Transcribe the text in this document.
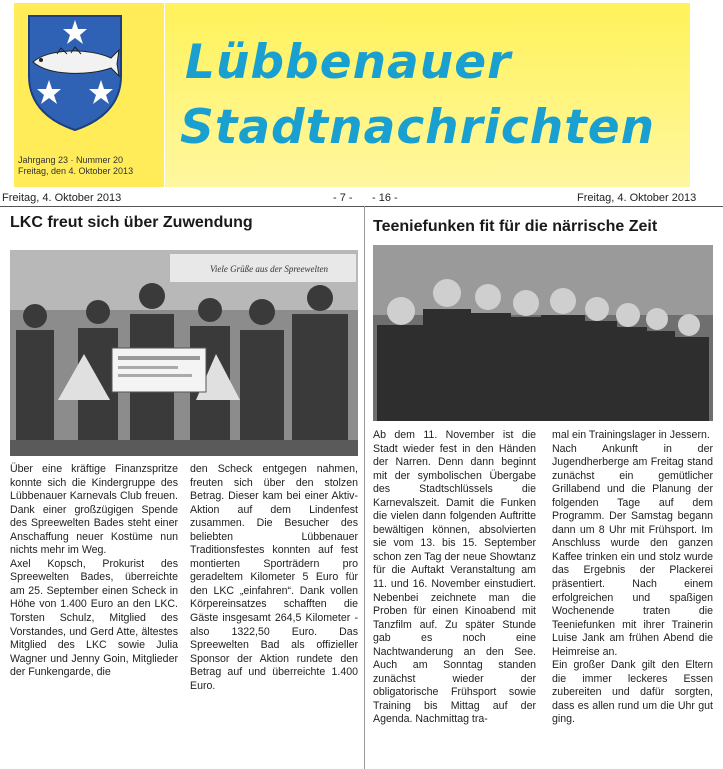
Jahrgang 23 · Nummer 20
Freitag, den 4. Oktober 2013
Lübbenauer
Stadtnachrichten
Freitag, 4. Oktober 2013	- 7 - - 16 -	Freitag, 4. Oktober 2013
LKC freut sich über Zuwendung
Viele Grüße aus der Spreewelten

Über eine kräftige Finanzspritze konnte sich die Kindergruppe des Lübbenauer Karnevals Club freuen. Dank einer großzügigen Spende des Spreewelten Bades steht einer Anschaffung neuer Kostüme nun nichts mehr im Weg.
Axel Kopsch, Prokurist des Spreewelten Bades, überreichte am 25. September einen Scheck in Höhe von 1.400 Euro an den LKC. Torsten Schulz, Mitglied des Vorstandes, und Gerd Atte, ältestes Mitglied des LKC sowie Julia Wagner und Jenny Goin, Mitglieder der Funkengarde, die

den Scheck entgegen nahmen, freuten sich über den stolzen Betrag. Dieser kam bei einer Aktiv-Aktion auf dem Lindenfest zusammen. Die Besucher des beliebten Lübbenauer Traditionsfestes konnten auf fest montierten Sporträdern pro geradeltem Kilometer 5 Euro für den LKC „einfahren“. Dank vollen Körpereinsatzes schafften die Gäste insgesamt 264,5 Kilometer - also 1322,50 Euro. Das Spreewelten Bad als offizieller Sponsor der Aktion rundete den Betrag auf und überreichte 1.400 Euro.

Teeniefunken fit für die närrische Zeit

Ab dem 11. November ist die Stadt wieder fest in den Händen der Narren. Denn dann beginnt mit der symbolischen Übergabe des Stadtschlüssels die Karnevalszeit. Damit die Funken die vielen dann folgenden Auftritte bewältigen können, absolvierten sie vom 13. bis 15. September schon zen Tag der neue Showtanz für die Auftakt Veranstaltung am 11. und 16. November einstudiert. Nebenbei zeichnete man die Proben für einen Kinoabend mit Tanzfilm auf. Zu später Stunde gab es noch eine Nachtwanderung an den See. Auch am Sonntag standen zunächst wieder der obligatorische Frühsport sowie Training bis Mittag auf der Agenda. Nachmittag tra-

mal ein Trainingslager in Jessern.
Nach Ankunft in der Jugendherberge am Freitag stand zunächst ein gemütlicher Grillabend und die Planung der folgenden Tage auf dem Programm. Der Samstag begann dann um 8 Uhr mit Frühsport. Im Anschluss wurde den ganzen Kaffee trinken ein und stolz wurde das Ergebnis der Plackerei präsentiert. Nach einem erfolgreichen und spaßigen Wochenende traten die Teeniefunken mit ihrer Trainerin Luise Jank am frühen Abend die Heimreise an.
Ein großer Dank gilt den Eltern die immer leckeres Essen zubereiten und dafür sorgten, dass es allen rund um die Uhr gut ging.
